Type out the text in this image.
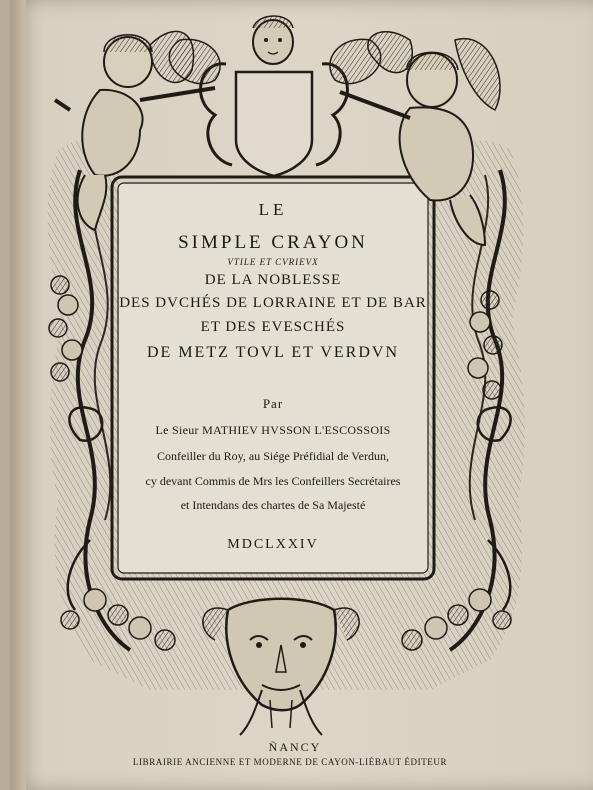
LE
SIMPLE CRAYON
VTILE ET CVRIEVX
DE LA NOBLESSE
DES DVCHÉS DE LORRAINE ET DE BAR
ET DES EVESCHÉS
DE METZ TOVL ET VERDVN
Par
Le Sieur MATHIEV HVSSON L'ESCOSSOIS
Confeiller du Roy, au Siége Préfidial de Verdun,
cy devant Commis de Mrs les Confeillers Secrétaires
et Intendans des chartes de Sa Majesté
MDCLXXIV
ÑANCY
LIBRAIRIE ANCIENNE ET MODERNE DE CAYON-LIÉBAUT ÉDITEUR
